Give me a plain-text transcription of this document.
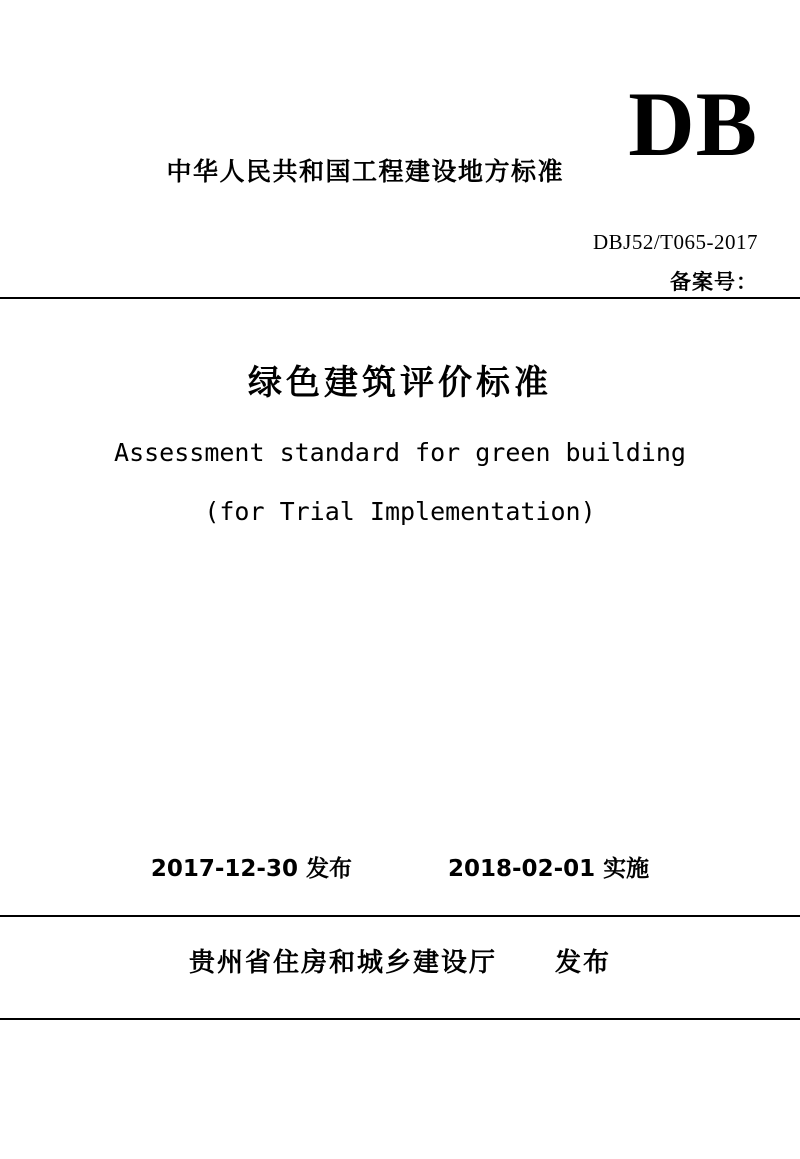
中华人民共和国工程建设地方标准 DB
DBJ52/T065-2017
备案号：
绿色建筑评价标准
Assessment standard for green building
(for Trial Implementation)
2017-12-30 发布	2018-02-01 实施
贵州省住房和城乡建设厅 发布
